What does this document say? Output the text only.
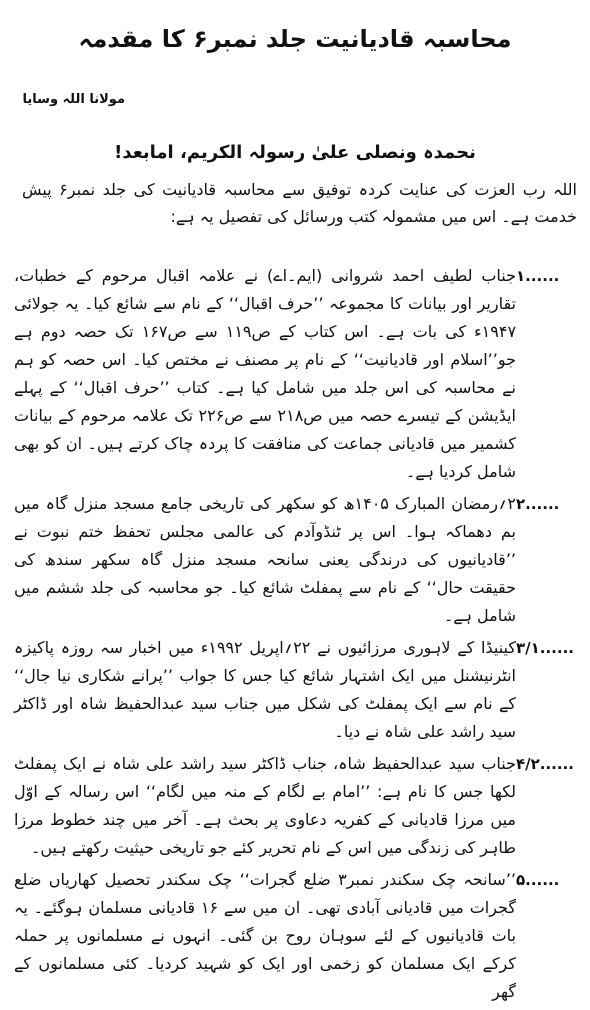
محاسبہ قادیانیت جلد نمبر۶ کا مقدمہ
مولانا اللہ وسایا
نحمدہ ونصلی علیٰ رسولہ الکریم، امابعد!
اللہ رب العزت کی عنایت کردہ توفیق سے محاسبہ قادیانیت کی جلد نمبر۶ پیش خدمت ہے۔ اس میں مشمولہ کتب ورسائل کی تفصیل یہ ہے:
۱......
جناب لطیف احمد شروانی (ایم۔اے) نے علامہ اقبال مرحوم کے خطبات، تقاریر اور بیانات کا مجموعہ ’’حرف اقبال‘‘ کے نام سے شائع کیا۔ یہ جولائی ۱۹۴۷ء کی بات ہے۔ اس کتاب کے ص۱۱۹ سے ص۱۶۷ تک حصہ دوم ہے جو’’اسلام اور قادیانیت‘‘ کے نام پر مصنف نے مختص کیا۔ اس حصہ کو ہم نے محاسبہ کی اس جلد میں شامل کیا ہے۔ کتاب ’’حرف اقبال‘‘ کے پہلے ایڈیشن کے تیسرے حصہ میں ص۲۱۸ سے ص۲۲۶ تک علامہ مرحوم کے بیانات کشمیر میں قادیانی جماعت کی منافقت کا پردہ چاک کرتے ہیں۔ ان کو بھی شامل کردیا ہے۔
۲......
۲؍رمضان المبارک ۱۴۰۵ھ کو سکھر کی تاریخی جامع مسجد منزل گاہ میں بم دھماکہ ہوا۔ اس پر ٹنڈوآدم کی عالمی مجلس تحفظ ختم نبوت نے ’’قادیانیوں کی درندگی یعنی سانحہ مسجد منزل گاہ سکھر سندھ کی حقیقت حال‘‘ کے نام سے پمفلٹ شائع کیا۔ جو محاسبہ کی جلد ششم میں شامل ہے۔
۳/۱......
کینیڈا کے لاہوری مرزائیوں نے ۲۲؍اپریل ۱۹۹۲ء میں اخبار سہ روزہ پاکیزہ انٹرنیشنل میں ایک اشتہار شائع کیا جس کا جواب ’’پرانے شکاری نیا جال‘‘ کے نام سے ایک پمفلٹ کی شکل میں جناب سید عبدالحفیظ شاہ اور ڈاکٹر سید راشد علی شاہ نے دیا۔
۴/۲......
جناب سید عبدالحفیظ شاہ، جناب ڈاکٹر سید راشد علی شاہ نے ایک پمفلٹ لکھا جس کا نام ہے: ’’امام بے لگام کے منہ میں لگام‘‘ اس رسالہ کے اوّل میں مرزا قادیانی کے کفریہ دعاوی پر بحث ہے۔ آخر میں چند خطوط مرزا طاہر کی زندگی میں اس کے نام تحریر کئے جو تاریخی حیثیت رکھتے ہیں۔
۵......
’’سانحہ چک سکندر نمبر۳ ضلع گجرات‘‘ چک سکندر تحصیل کھاریاں ضلع گجرات میں قادیانی آبادی تھی۔ ان میں سے ۱۶ قادیانی مسلمان ہوگئے۔ یہ بات قادیانیوں کے لئے سوہان روح بن گئی۔ انہوں نے مسلمانوں پر حملہ کرکے ایک مسلمان کو زخمی اور ایک کو شہید کردیا۔ کئی مسلمانوں کے گھر
